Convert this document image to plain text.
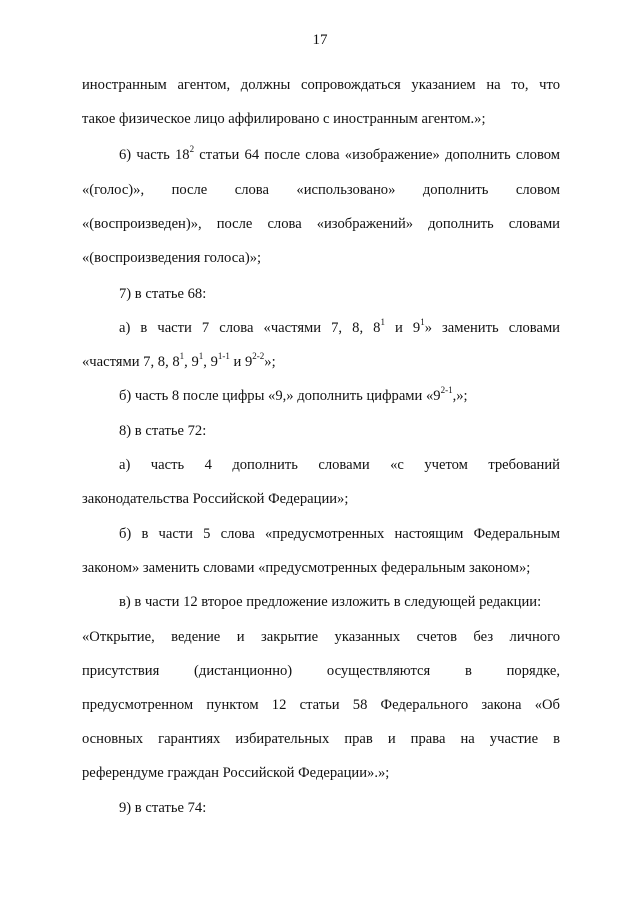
17
иностранным агентом, должны сопровождаться указанием на то, что
такое физическое лицо аффилировано с иностранным агентом.»;
6) часть $18^2$ статьи 64 после слова «изображение» дополнить словом
«(голос)», после слова «использовано» дополнить словом
«(воспроизведен)», после слова «изображений» дополнить словами
«(воспроизведения голоса)»;
7) в статье 68:
а) в части 7 слова «частями 7, 8, $8^1$ и $9^1$» заменить словами
«частями 7, 8, $8^1$, $9^1$, 9$^{1-1}$ и 9$^{2-2}$»;
б) часть 8 после цифры «9,» дополнить цифрами «9$^{2-1}$,»;
8) в статье 72:
а) часть 4 дополнить словами «с учетом требований
законодательства Российской Федерации»;
б) в части 5 слова «предусмотренных настоящим Федеральным
законом» заменить словами «предусмотренных федеральным законом»;
в) в части 12 второе предложение изложить в следующей редакции:
«Открытие, ведение и закрытие указанных счетов без личного
присутствия (дистанционно) осуществляются в порядке,
предусмотренном пунктом 12 статьи 58 Федерального закона «Об
основных гарантиях избирательных прав и права на участие в
референдуме граждан Российской Федерации».»;
9) в статье 74:
